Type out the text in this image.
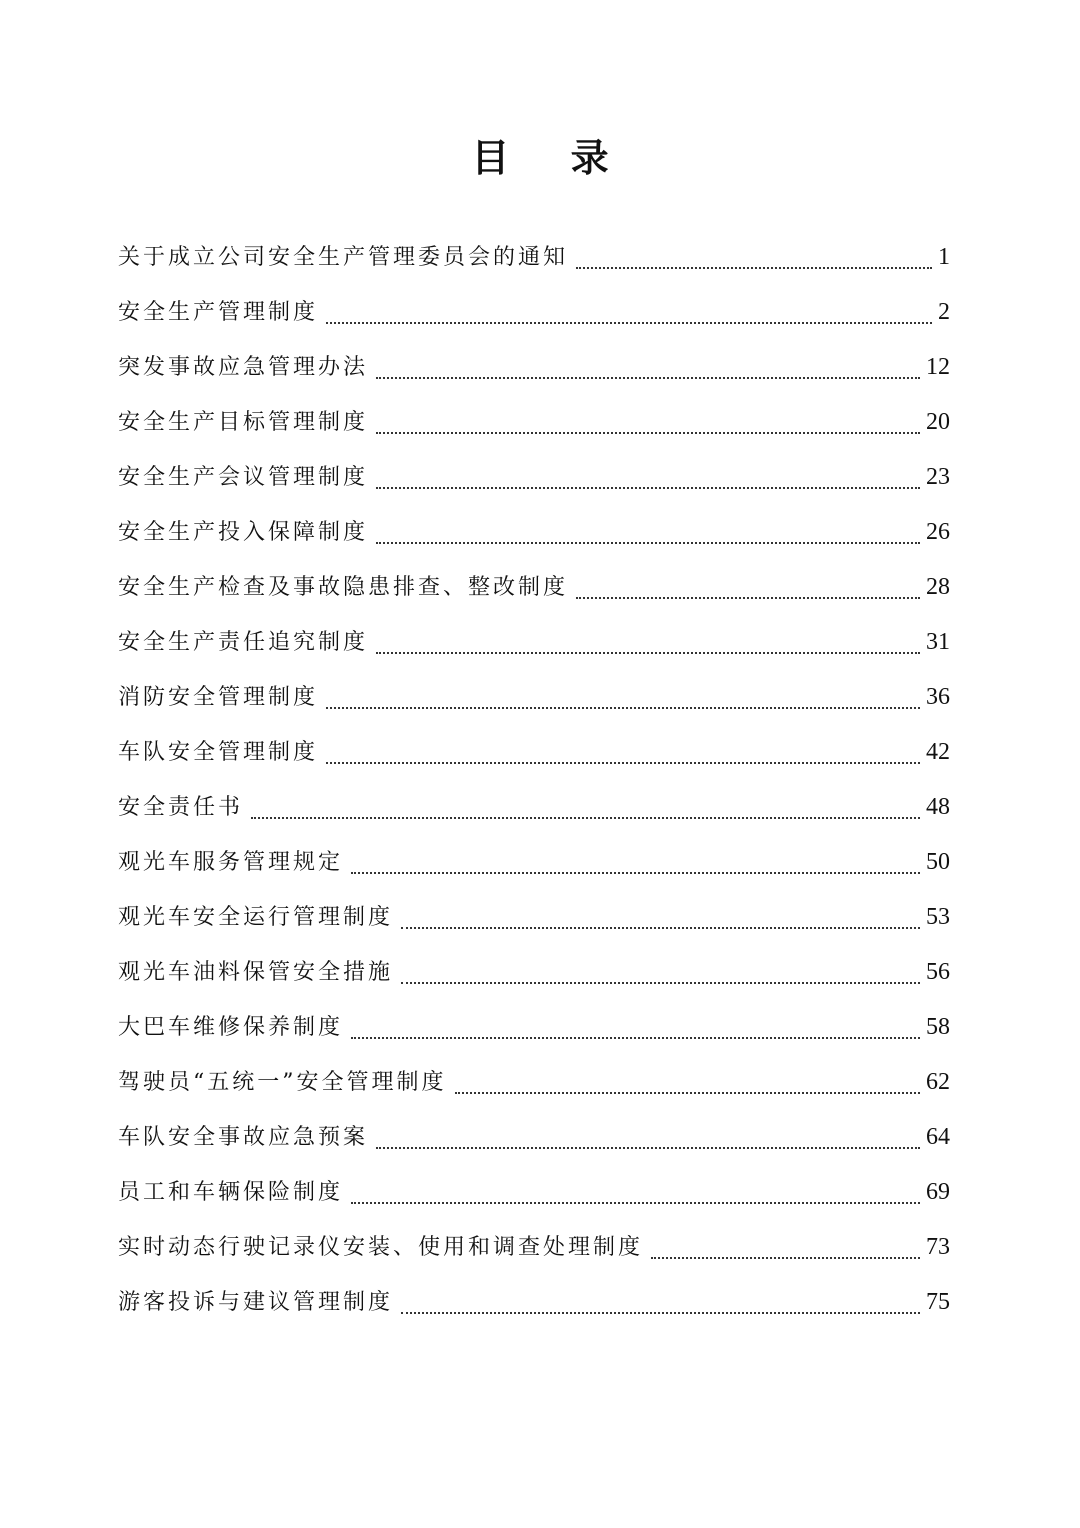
目 录
关于成立公司安全生产管理委员会的通知	1
安全生产管理制度	2
突发事故应急管理办法	12
安全生产目标管理制度	20
安全生产会议管理制度	23
安全生产投入保障制度	26
安全生产检查及事故隐患排查、整改制度	28
安全生产责任追究制度	31
消防安全管理制度	36
车队安全管理制度	42
安全责任书	48
观光车服务管理规定	50
观光车安全运行管理制度	53
观光车油料保管安全措施	56
大巴车维修保养制度	58
驾驶员“五统一”安全管理制度	62
车队安全事故应急预案	64
员工和车辆保险制度	69
实时动态行驶记录仪安装、使用和调查处理制度	73
游客投诉与建议管理制度	75
